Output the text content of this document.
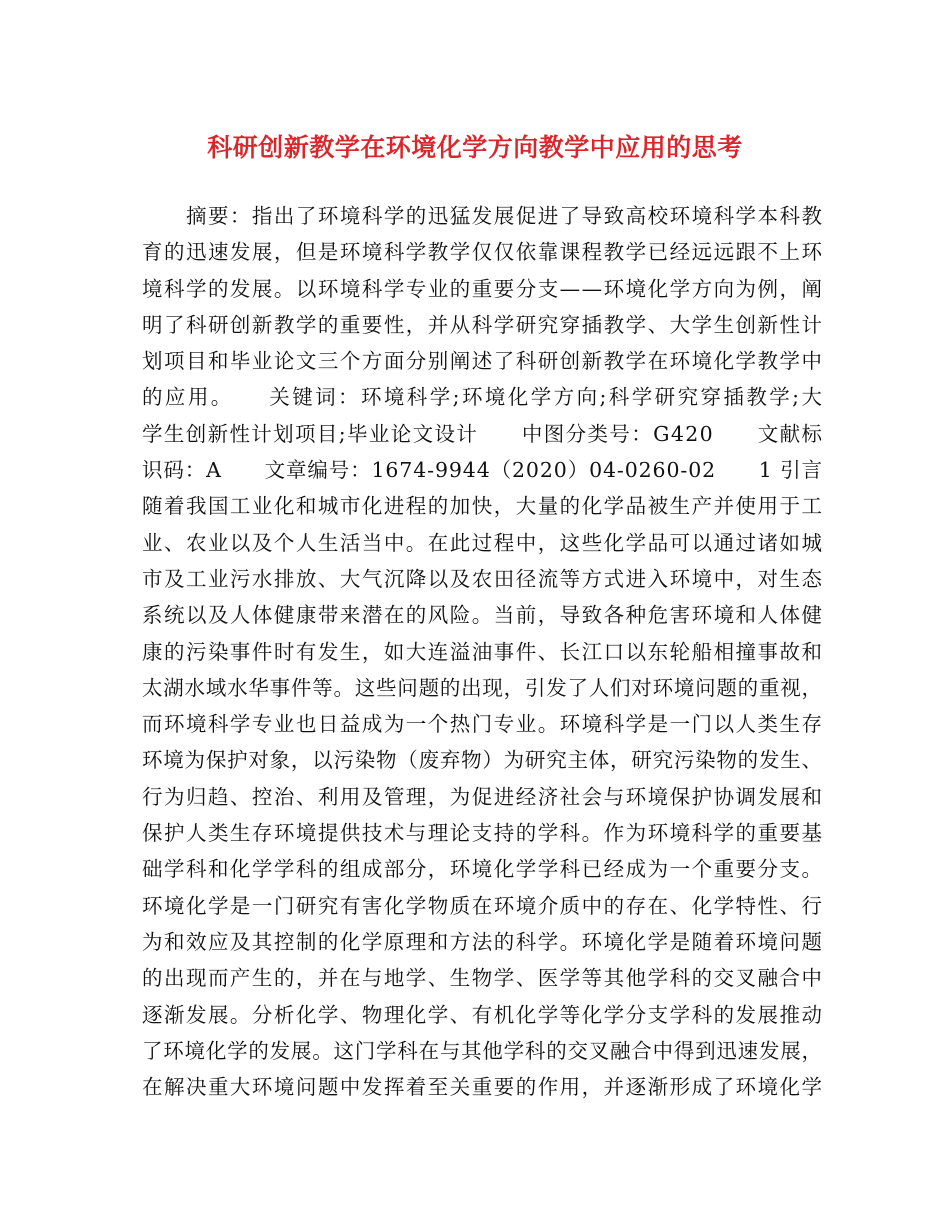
科研创新教学在环境化学方向教学中应用的思考
　　摘要：指出了环境科学的迅猛发展促进了导致高校环境科学本科教
育的迅速发展，但是环境科学教学仅仅依靠课程教学已经远远跟不上环
境科学的发展。以环境科学专业的重要分支——环境化学方向为例，阐
明了科研创新教学的重要性，并从科学研究穿插教学、大学生创新性计
划项目和毕业论文三个方面分别阐述了科研创新教学在环境化学教学中
的应用。　　关键词：环境科学;环境化学方向;科学研究穿插教学;大
学生创新性计划项目;毕业论文设计　　中图分类号：G420　　文献标
识码：A　　文章编号：1674-9944（2020）04-0260-02　　1 引言
随着我国工业化和城市化进程的加快，大量的化学品被生产并使用于工
业、农业以及个人生活当中。在此过程中，这些化学品可以通过诸如城
市及工业污水排放、大气沉降以及农田径流等方式进入环境中，对生态
系统以及人体健康带来潜在的风险。当前，导致各种危害环境和人体健
康的污染事件时有发生，如大连溢油事件、长江口以东轮船相撞事故和
太湖水域水华事件等。这些问题的出现，引发了人们对环境问题的重视，
而环境科学专业也日益成为一个热门专业。环境科学是一门以人类生存
环境为保护对象，以污染物（废弃物）为研究主体，研究污染物的发生、
行为归趋、控治、利用及管理，为促进经济社会与环境保护协调发展和
保护人类生存环境提供技术与理论支持的学科。作为环境科学的重要基
础学科和化学学科的组成部分，环境化学学科已经成为一个重要分支。
环境化学是一门研究有害化学物质在环境介质中的存在、化学特性、行
为和效应及其控制的化学原理和方法的科学。环境化学是随着环境问题
的出现而产生的，并在与地学、生物学、医学等其他学科的交叉融合中
逐渐发展。分析化学、物理化学、有机化学等化学分支学科的发展推动
了环境化学的发展。这门学科在与其他学科的交叉融合中得到迅速发展，
在解决重大环境问题中发挥着至关重要的作用，并逐渐形成了环境化学
